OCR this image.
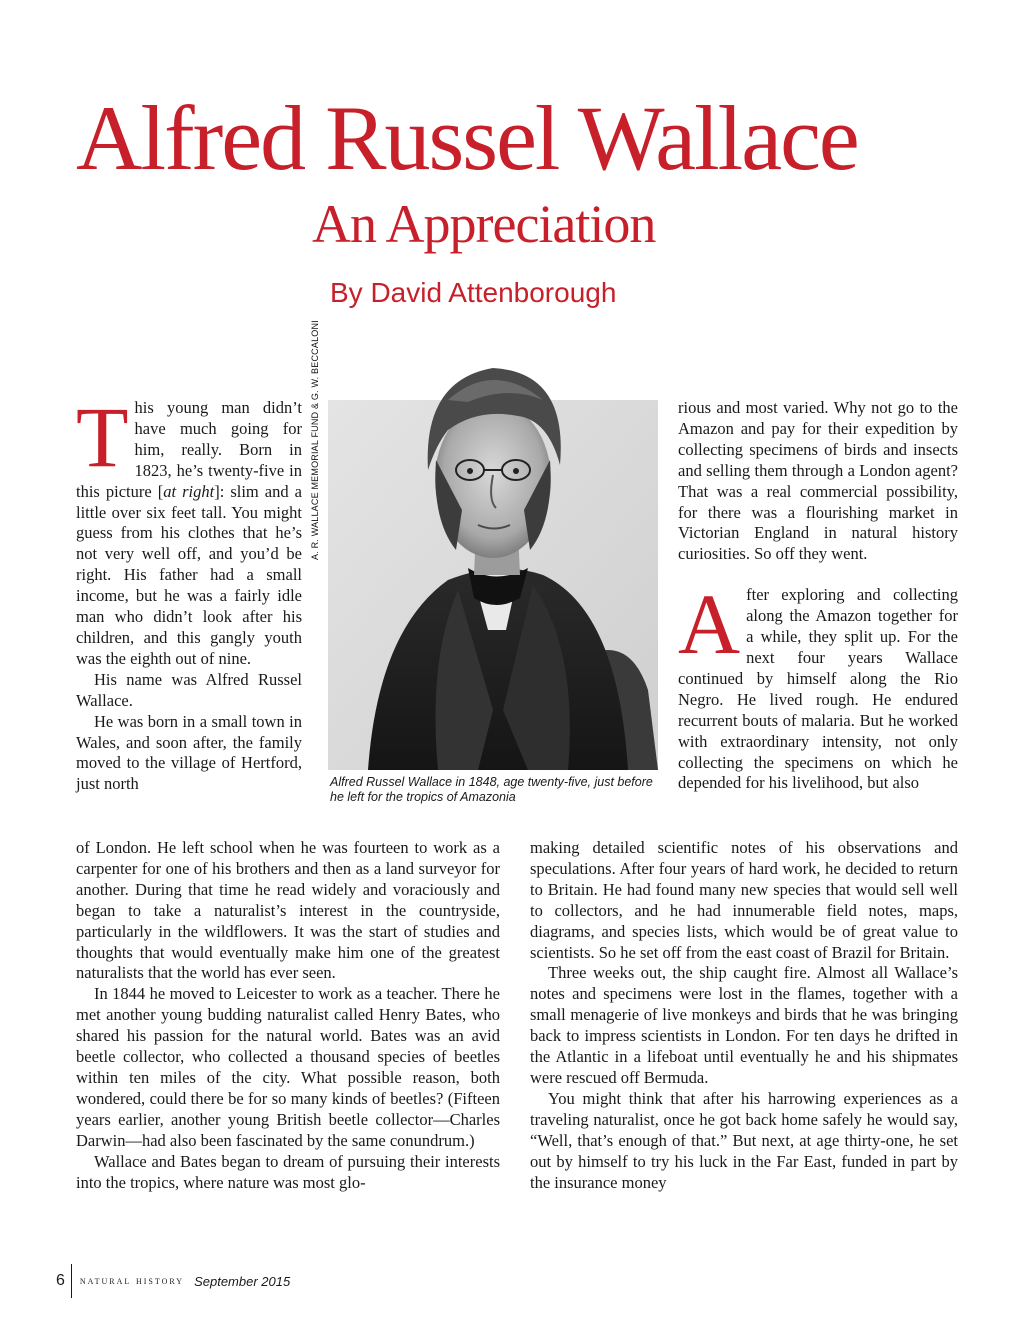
Alfred Russel Wallace
An Appreciation
By David Attenborough

This young man didn’t have much going for him, really. Born in 1823, he’s twenty-five in this picture [at right]: slim and a little over six feet tall. You might guess from his clothes that he’s not very well off, and you’d be right. His father had a small income, but he was a fairly idle man who didn’t look after his children, and this gangly youth was the eighth out of nine.

His name was Alfred Russel Wallace.

He was born in a small town in Wales, and soon after, the family moved to the village of Hertford, just north

A. R. WALLACE MEMORIAL FUND & G. W. BECCALONI
Alfred Russel Wallace in 1848, age twenty-five, just before he left for the tropics of Amazonia

rious and most varied. Why not go to the Amazon and pay for their expedition by collecting specimens of birds and insects and selling them through a London agent? That was a real commercial possibility, for there was a flourishing market in Victorian England in natural history curiosities. So off they went.

After exploring and collecting along the Amazon together for a while, they split up. For the next four years Wallace continued by himself along the Rio Negro. He lived rough. He endured recurrent bouts of malaria. But he worked with extraordinary intensity, not only collecting the specimens on which he depended for his livelihood, but also

of London. He left school when he was fourteen to work as a carpenter for one of his brothers and then as a land surveyor for another. During that time he read widely and voraciously and began to take a naturalist’s interest in the countryside, particularly in the wildflowers. It was the start of studies and thoughts that would eventually make him one of the greatest naturalists that the world has ever seen.

In 1844 he moved to Leicester to work as a teacher. There he met another young budding naturalist called Henry Bates, who shared his passion for the natural world. Bates was an avid beetle collector, who collected a thousand species of beetles within ten miles of the city. What possible reason, both wondered, could there be for so many kinds of beetles? (Fifteen years earlier, another young British beetle collector—Charles Darwin—had also been fascinated by the same conundrum.)

Wallace and Bates began to dream of pursuing their interests into the tropics, where nature was most glo-

making detailed scientific notes of his observations and speculations. After four years of hard work, he decided to return to Britain. He had found many new species that would sell well to collectors, and he had innumerable field notes, maps, diagrams, and species lists, which would be of great value to scientists. So he set off from the east coast of Brazil for Britain.

Three weeks out, the ship caught fire. Almost all Wallace’s notes and specimens were lost in the flames, together with a small menagerie of live monkeys and birds that he was bringing back to impress scientists in London. For ten days he drifted in the Atlantic in a lifeboat until eventually he and his shipmates were rescued off Bermuda.

You might think that after his harrowing experiences as a traveling naturalist, once he got back home safely he would say, “Well, that’s enough of that.” But next, at age thirty-one, he set out by himself to try his luck in the Far East, funded in part by the insurance money

6	natural history September 2015
